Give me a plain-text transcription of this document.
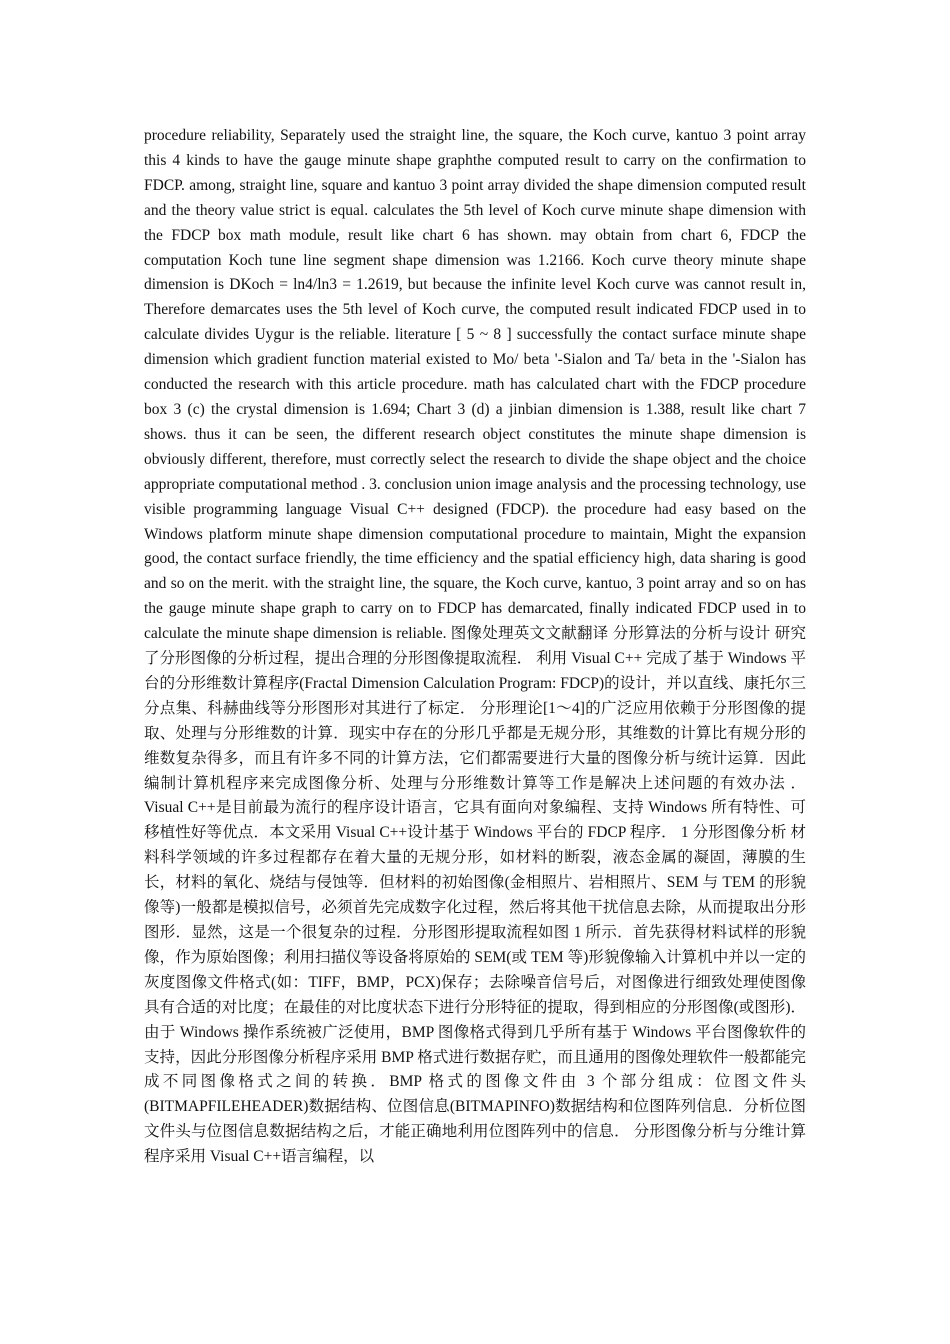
procedure reliability, Separately used the straight line, the square, the Koch curve, kantuo 3 point array this 4 kinds to have the gauge minute shape graphthe computed result to carry on the confirmation to FDCP. among, straight line, square and kantuo 3 point array divided the shape dimension computed result and the theory value strict is equal. calculates the 5th level of Koch curve minute shape dimension with the FDCP box math module, result like chart 6 has shown. may obtain from chart 6, FDCP the computation Koch tune line segment shape dimension was 1.2166. Koch curve theory minute shape dimension is DKoch = ln4/ln3 = 1.2619, but because the infinite level Koch curve was cannot result in, Therefore demarcates uses the 5th level of Koch curve, the computed result indicated FDCP used in to calculate divides Uygur is the reliable. literature [ 5 ~ 8 ] successfully the contact surface minute shape dimension which gradient function material existed to Mo/ beta '-Sialon and Ta/ beta in the '-Sialon has conducted the research with this article procedure. math has calculated chart with the FDCP procedure box 3 (c) the crystal dimension is 1.694; Chart 3 (d) a jinbian dimension is 1.388, result like chart 7 shows. thus it can be seen, the different research object constitutes the minute shape dimension is obviously different, therefore, must correctly select the research to divide the shape object and the choice appropriate computational method . 3. conclusion union image analysis and the processing technology, use visible programming language Visual C++ designed (FDCP). the procedure had easy based on the Windows platform minute shape dimension computational procedure to maintain, Might the expansion good, the contact surface friendly, the time efficiency and the spatial efficiency high, data sharing is good and so on the merit. with the straight line, the square, the Koch curve, kantuo, 3 point array and so on has the gauge minute shape graph to carry on to FDCP has demarcated, finally indicated FDCP used in to calculate the minute shape dimension is reliable. 图像处理英文文献翻译 分形算法的分析与设计 研究了分形图像的分析过程，提出合理的分形图像提取流程． 利用 Visual C++ 完成了基于 Windows 平台的分形维数计算程序(Fractal Dimension Calculation Program: FDCP)的设计，并以直线、康托尔三分点集、科赫曲线等分形图形对其进行了标定． 分形理论[1～4]的广泛应用依赖于分形图像的提取、处理与分形维数的计算．现实中存在的分形几乎都是无规分形，其维数的计算比有规分形的维数复杂得多，而且有许多不同的计算方法，它们都需要进行大量的图像分析与统计运算．因此编制计算机程序来完成图像分析、处理与分形维数计算等工作是解决上述问题的有效办法 ．Visual C++是目前最为流行的程序设计语言，它具有面向对象编程、支持 Windows 所有特性、可移植性好等优点．本文采用 Visual C++设计基于 Windows 平台的 FDCP 程序． 1 分形图像分析 材料科学领域的许多过程都存在着大量的无规分形，如材料的断裂，液态金属的凝固，薄膜的生长，材料的氧化、烧结与侵蚀等．但材料的初始图像(金相照片、岩相照片、SEM 与 TEM 的形貌像等)一般都是模拟信号，必须首先完成数字化过程，然后将其他干扰信息去除，从而提取出分形图形．显然，这是一个很复杂的过程．分形图形提取流程如图 1 所示．首先获得材料试样的形貌像，作为原始图像；利用扫描仪等设备将原始的 SEM(或 TEM 等)形貌像输入计算机中并以一定的灰度图像文件格式(如：TIFF，BMP，PCX)保存；去除噪音信号后，对图像进行细致处理使图像具有合适的对比度；在最佳的对比度状态下进行分形特征的提取，得到相应的分形图像(或图形)． 由于 Windows 操作系统被广泛使用，BMP 图像格式得到几乎所有基于 Windows 平台图像软件的支持，因此分形图像分析程序采用 BMP 格式进行数据存贮，而且通用的图像处理软件一般都能完成不同图像格式之间的转换．BMP 格式的图像文件由 3 个部分组成：位图文件头(BITMAPFILEHEADER)数据结构、位图信息(BITMAPINFO)数据结构和位图阵列信息．分析位图文件头与位图信息数据结构之后，才能正确地利用位图阵列中的信息． 分形图像分析与分维计算程序采用 Visual C++语言编程，以
